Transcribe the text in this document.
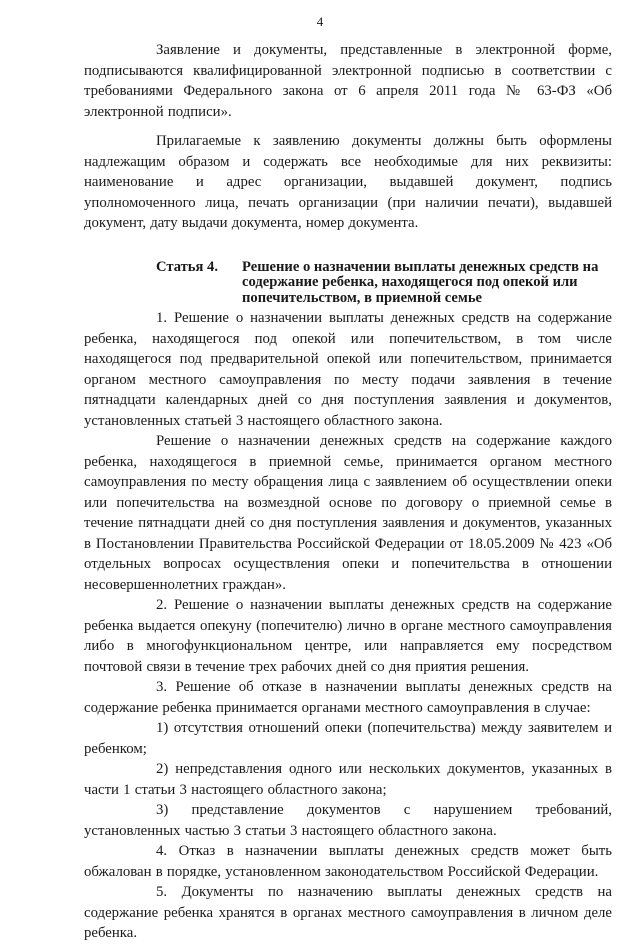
4

Заявление и документы, представленные в электронной форме, подписываются квалифицированной электронной подписью в соответствии с требованиями Федерального закона от 6 апреля 2011 года № 63-ФЗ «Об электронной подписи».

Прилагаемые к заявлению документы должны быть оформлены надлежащим образом и содержать все необходимые для них реквизиты: наименование и адрес организации, выдавшей документ, подпись уполномоченного лица, печать организации (при наличии печати), выдавшей документ, дату выдачи документа, номер документа.

Статья 4.	Решение о назначении выплаты денежных средств на содержание ребенка, находящегося под опекой или попечительством, в приемной семье

1. Решение о назначении выплаты денежных средств на содержание ребенка, находящегося под опекой или попечительством, в том числе находящегося под предварительной опекой или попечительством, принимается органом местного самоуправления по месту подачи заявления в течение пятнадцати календарных дней со дня поступления заявления и документов, установленных статьей 3 настоящего областного закона.

Решение о назначении денежных средств на содержание каждого ребенка, находящегося в приемной семье, принимается органом местного самоуправления по месту обращения лица с заявлением об осуществлении опеки или попечительства на возмездной основе по договору о приемной семье в течение пятнадцати дней со дня поступления заявления и документов, указанных в Постановлении Правительства Российской Федерации от 18.05.2009 № 423 «Об отдельных вопросах осуществления опеки и попечительства в отношении несовершеннолетних граждан».

2. Решение о назначении выплаты денежных средств на содержание ребенка выдается опекуну (попечителю) лично в органе местного самоуправления либо в многофункциональном центре, или направляется ему посредством почтовой связи в течение трех рабочих дней со дня приятия решения.

3. Решение об отказе в назначении выплаты денежных средств на содержание ребенка принимается органами местного самоуправления в случае:

1) отсутствия отношений опеки (попечительства) между заявителем и ребенком;

2) непредставления одного или нескольких документов, указанных в части 1 статьи 3 настоящего областного закона;

3) представление документов с нарушением требований, установленных частью 3 статьи 3 настоящего областного закона.

4. Отказ в назначении выплаты денежных средств может быть обжалован в порядке, установленном законодательством Российской Федерации.

5. Документы по назначению выплаты денежных средств на содержание ребенка хранятся в органах местного самоуправления в личном деле ребенка.
